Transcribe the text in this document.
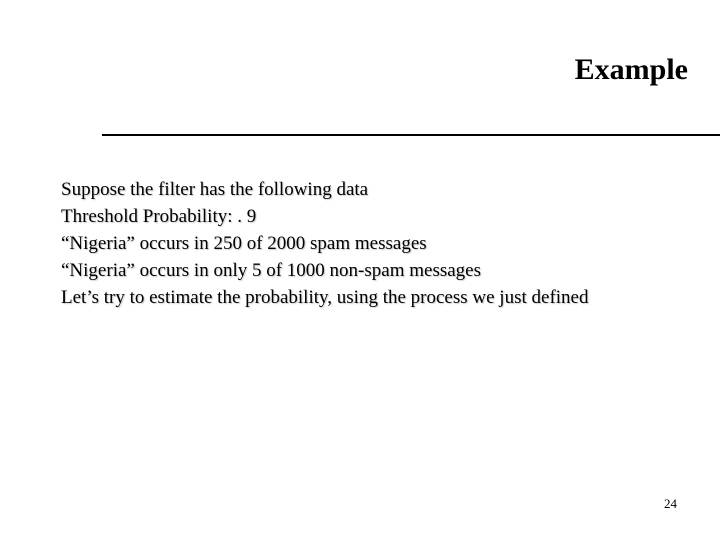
Example
Suppose the filter has the following data
Threshold Probability: . 9
“Nigeria” occurs in 250 of 2000 spam messages
“Nigeria” occurs in only 5 of 1000 non-spam messages
Let’s try to estimate the probability, using the process we just defined
24
